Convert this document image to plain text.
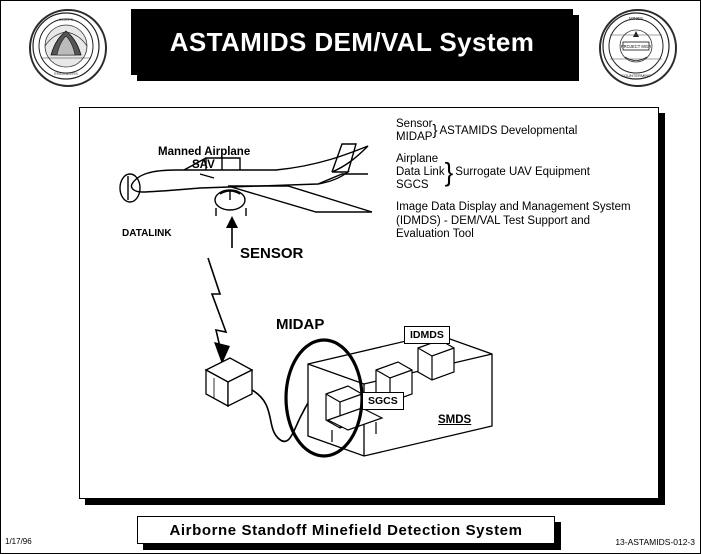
ASTAMIDS DEM/VAL System
CORPS
ENGINEERS
PROJECT MGR
MINES
COUNTERMINE
Sensor
MIDAP } ASTAMIDS Developmental
Airplane
Data Link
SGCS } Surrogate UAV Equipment
Image Data Display and Management System (IDMDS) - DEM/VAL Test Support and Evaluation Tool
Manned Airplane
SAV
DATALINK
SENSOR
MIDAP
SMDS
IDMDS
SGCS
Airborne Standoff Minefield Detection System
1/17/96	13-ASTAMIDS-012-3
